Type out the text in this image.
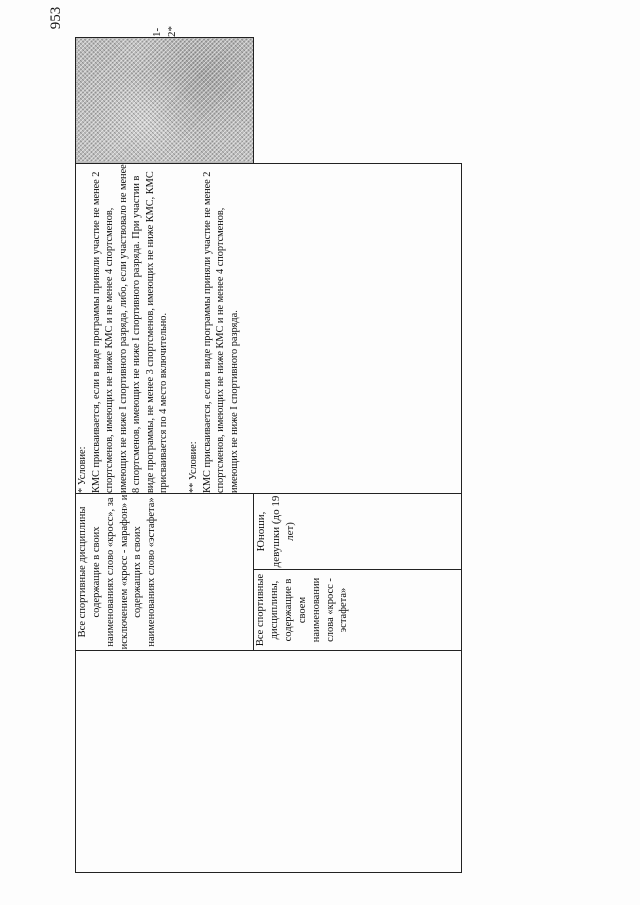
953
	Все спортивные дисциплины содержащие в своих наименованиях слово «кросс», за исключением «кросс - марафон» и содержащих в своих наименованиях слово «эстафета»		* Условие: КМС присваивается, если в виде программы приняли участие не менее 2 спортсменов, имеющих не ниже КМС и не менее 4 спортсменов, имеющих не ниже I спортивного разряда, либо, если участвовало не менее 8 спортсменов, имеющих не ниже I спортивного разряда. При участии в виде программы, не менее 3 спортсменов, имеющих не ниже КМС, КМС присваивается по 4 место включительно. ** Условие: КМС присваивается, если в виде программы приняли участие не менее 2 спортсменов, имеющих не ниже КМС и не менее 4 спортсменов, имеющих не ниже I спортивного разряда.		1-2*
	Все спортивные дисциплины, содержащие в своем наименовании слова «кросс - эстафета»	Юноши, девушки (до 19 лет)			
